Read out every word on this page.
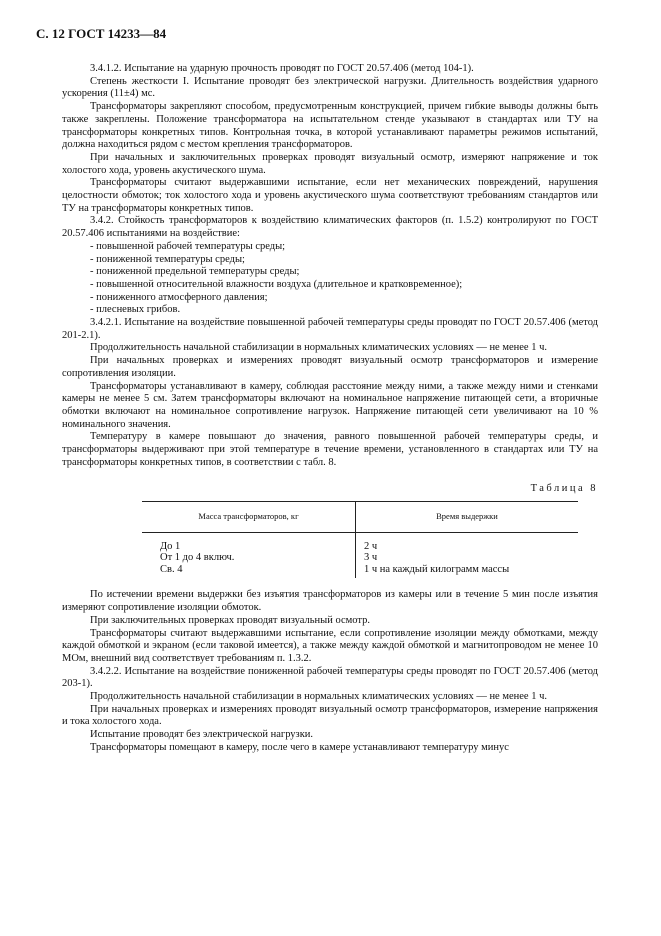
С. 12 ГОСТ 14233—84

3.4.1.2. Испытание на ударную прочность проводят по ГОСТ 20.57.406 (метод 104-1).

Степень жесткости I. Испытание проводят без электрической нагрузки. Длительность воздействия ударного ускорения (11±4) мс.

Трансформаторы закрепляют способом, предусмотренным конструкцией, причем гибкие выводы должны быть также закреплены. Положение трансформатора на испытательном стенде указывают в стандартах или ТУ на трансформаторы конкретных типов. Контрольная точка, в которой устанавливают параметры режимов испытаний, должна находиться рядом с местом крепления трансформаторов.

При начальных и заключительных проверках проводят визуальный осмотр, измеряют напряжение и ток холостого хода, уровень акустического шума.

Трансформаторы считают выдержавшими испытание, если нет механических повреждений, нарушения целостности обмоток; ток холостого хода и уровень акустического шума соответствуют требованиям стандартов или ТУ на трансформаторы конкретных типов.

3.4.2. Стойкость трансформаторов к воздействию климатических факторов (п. 1.5.2) контролируют по ГОСТ 20.57.406 испытаниями на воздействие:

- повышенной рабочей температуры среды;

- пониженной температуры среды;

- пониженной предельной температуры среды;

- повышенной относительной влажности воздуха (длительное и кратковременное);

- пониженного атмосферного давления;

- плесневых грибов.

3.4.2.1. Испытание на воздействие повышенной рабочей температуры среды проводят по ГОСТ 20.57.406 (метод 201-2.1).

Продолжительность начальной стабилизации в нормальных климатических условиях — не менее 1 ч.

При начальных проверках и измерениях проводят визуальный осмотр трансформаторов и измерение сопротивления изоляции.

Трансформаторы устанавливают в камеру, соблюдая расстояние между ними, а также между ними и стенками камеры не менее 5 см. Затем трансформаторы включают на номинальное напряжение питающей сети, а вторичные обмотки включают на номинальное сопротивление нагрузок. Напряжение питающей сети увеличивают на 10 % номинального значения.

Температуру в камере повышают до значения, равного повышенной рабочей температуры среды, и трансформаторы выдерживают при этой температуре в течение времени, установленного в стандартах или ТУ на трансформаторы конкретных типов, в соответствии с табл. 8.

Таблица 8
Масса трансформаторов, кг	Время выдержки
До 1	2 ч
От 1 до 4 включ.	3 ч
Св. 4	1 ч на каждый килограмм массы

По истечении времени выдержки без изъятия трансформаторов из камеры или в течение 5 мин после изъятия измеряют сопротивление изоляции обмоток.

При заключительных проверках проводят визуальный осмотр.

Трансформаторы считают выдержавшими испытание, если сопротивление изоляции между обмотками, между каждой обмоткой и экраном (если таковой имеется), а также между каждой обмоткой и магнитопроводом не менее 10 МОм, внешний вид соответствует требованиям п. 1.3.2.

3.4.2.2. Испытание на воздействие пониженной рабочей температуры среды проводят по ГОСТ 20.57.406 (метод 203-1).

Продолжительность начальной стабилизации в нормальных климатических условиях — не менее 1 ч.

При начальных проверках и измерениях проводят визуальный осмотр трансформаторов, измерение напряжения и тока холостого хода.

Испытание проводят без электрической нагрузки.

Трансформаторы помещают в камеру, после чего в камере устанавливают температуру минус
